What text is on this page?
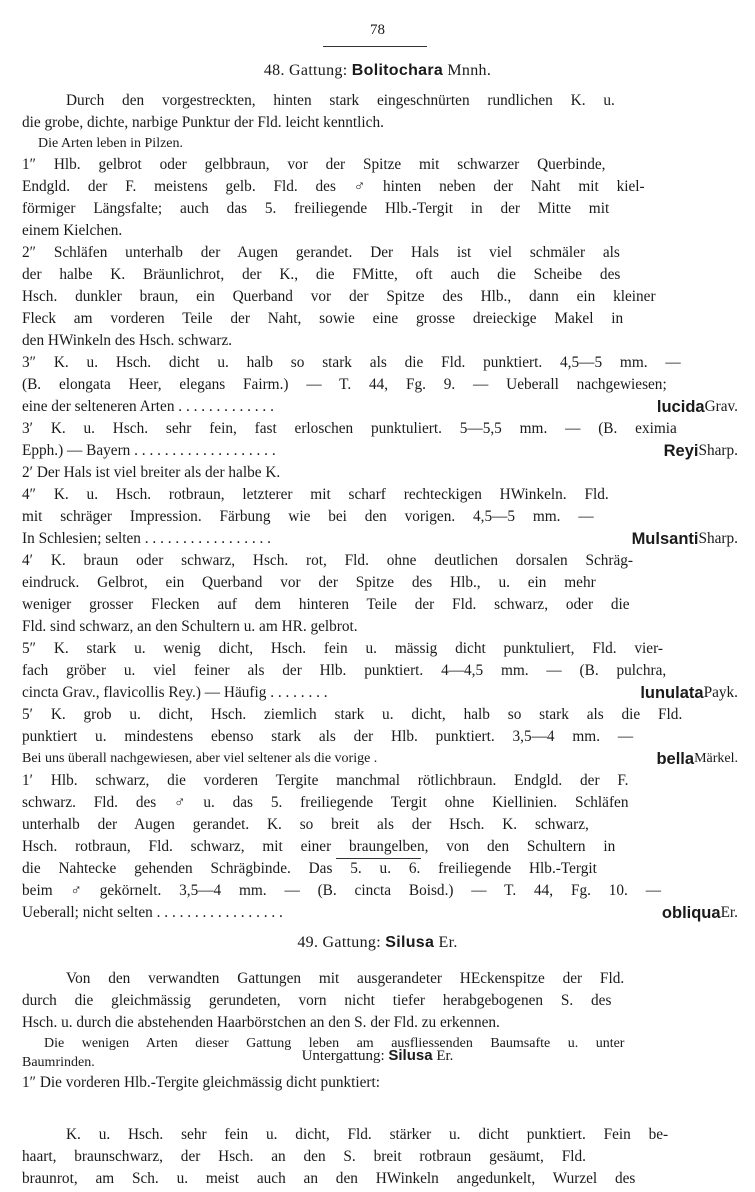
78
48. Gattung: Bolitochara Mnnh.
Durch den vorgestreckten, hinten stark eingeschnürten rundlichen K. u.
die grobe, dichte, narbige Punktur der Fld. leicht kenntlich.
Die Arten leben in Pilzen.
1″ Hlb. gelbrot oder gelbbraun, vor der Spitze mit schwarzer Querbinde,
Endgld. der F. meistens gelb. Fld. des ♂ hinten neben der Naht mit kiel-
förmiger Längsfalte; auch das 5. freiliegende Hlb.-Tergit in der Mitte mit
einem Kielchen.
2″ Schläfen unterhalb der Augen gerandet. Der Hals ist viel schmäler als
der halbe K. Bräunlichrot, der K., die FMitte, oft auch die Scheibe des
Hsch. dunkler braun, ein Querband vor der Spitze des Hlb., dann ein kleiner
Fleck am vorderen Teile der Naht, sowie eine grosse dreieckige Makel in
den HWinkeln des Hsch. schwarz.
3″ K. u. Hsch. dicht u. halb so stark als die Fld. punktiert. 4,5—5 mm. —
(B. elongata Heer, elegans Fairm.) — T. 44, Fg. 9. — Ueberall nachgewiesen;
eine der selteneren Arten . . . . . . . . . . . . .	lucida Grav.
3′ K. u. Hsch. sehr fein, fast erloschen punktuliert. 5—5,5 mm. — (B. eximia
Epph.) — Bayern . . . . . . . . . . . . . . . . . . .	Reyi Sharp.
2′ Der Hals ist viel breiter als der halbe K.
4″ K. u. Hsch. rotbraun, letzterer mit scharf rechteckigen HWinkeln. Fld.
mit schräger Impression. Färbung wie bei den vorigen. 4,5—5 mm. —
In Schlesien; selten . . . . . . . . . . . . . . . . .	Mulsanti Sharp.
4′ K. braun oder schwarz, Hsch. rot, Fld. ohne deutlichen dorsalen Schräg-
eindruck. Gelbrot, ein Querband vor der Spitze des Hlb., u. ein mehr
weniger grosser Flecken auf dem hinteren Teile der Fld. schwarz, oder die
Fld. sind schwarz, an den Schultern u. am HR. gelbrot.
5″ K. stark u. wenig dicht, Hsch. fein u. mässig dicht punktuliert, Fld. vier-
fach gröber u. viel feiner als der Hlb. punktiert. 4—4,5 mm. — (B. pulchra,
cincta Grav., flavicollis Rey.) — Häufig . . . . . . . .	lunulata Payk.
5′ K. grob u. dicht, Hsch. ziemlich stark u. dicht, halb so stark als die Fld.
punktiert u. mindestens ebenso stark als der Hlb. punktiert. 3,5—4 mm. —
Bei uns überall nachgewiesen, aber viel seltener als die vorige .	bella Märkel.
1′ Hlb. schwarz, die vorderen Tergite manchmal rötlichbraun. Endgld. der F.
schwarz. Fld. des ♂ u. das 5. freiliegende Tergit ohne Kiellinien. Schläfen
unterhalb der Augen gerandet. K. so breit als der Hsch. K. schwarz,
Hsch. rotbraun, Fld. schwarz, mit einer braungelben, von den Schultern in
die Nahtecke gehenden Schrägbinde. Das 5. u. 6. freiliegende Hlb.-Tergit
beim ♂ gekörnelt. 3,5—4 mm. — (B. cincta Boisd.) — T. 44, Fg. 10. —
Ueberall; nicht selten . . . . . . . . . . . . . . . . .	obliqua Er.
49. Gattung: Silusa Er.
Von den verwandten Gattungen mit ausgerandeter HEckenspitze der Fld.
durch die gleichmässig gerundeten, vorn nicht tiefer herabgebogenen S. des
Hsch. u. durch die abstehenden Haarbörstchen an den S. der Fld. zu erkennen.
Die wenigen Arten dieser Gattung leben am ausfliessenden Baumsafte u. unter
Baumrinden.
1″ Die vorderen Hlb.-Tergite gleichmässig dicht punktiert:
K. u. Hsch. sehr fein u. dicht, Fld. stärker u. dicht punktiert. Fein be-
haart, braunschwarz, der Hsch. an den S. breit rotbraun gesäumt, Fld.
braunrot, am Sch. u. meist auch an den HWinkeln angedunkelt, Wurzel des
Untergattung: Silusa Er.
